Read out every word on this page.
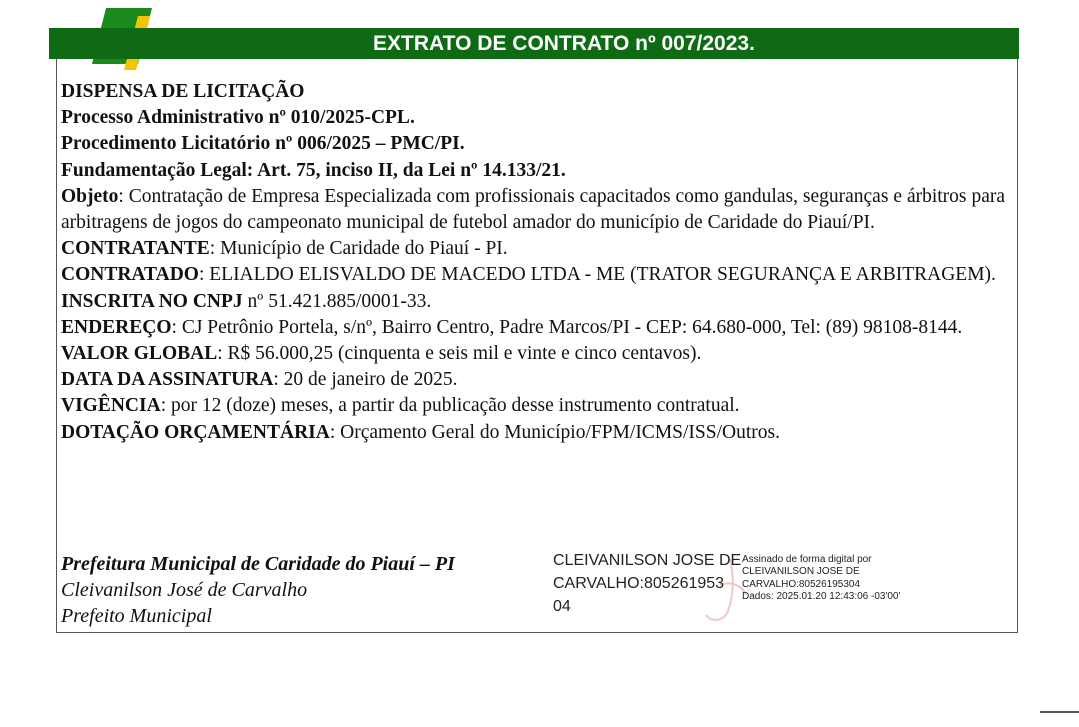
EXTRATO DE CONTRATO nº 007/2023.

DISPENSA DE LICITAÇÃO

Processo Administrativo nº 010/2025-CPL.

Procedimento Licitatório nº 006/2025 – PMC/PI.

Fundamentação Legal: Art. 75, inciso II, da Lei nº 14.133/21.

Objeto: Contratação de Empresa Especializada com profissionais capacitados como gandulas, seguranças e árbitros para arbitragens de jogos do campeonato municipal de futebol amador do município de Caridade do Piauí/PI.

CONTRATANTE: Município de Caridade do Piauí - PI.

CONTRATADO: ELIALDO ELISVALDO DE MACEDO LTDA - ME (TRATOR SEGURANÇA E ARBITRAGEM).

INSCRITA NO CNPJ nº 51.421.885/0001-33.

ENDEREÇO: CJ Petrônio Portela, s/nº, Bairro Centro, Padre Marcos/PI - CEP: 64.680-000, Tel: (89) 98108-8144.

VALOR GLOBAL: R$ 56.000,25 (cinquenta e seis mil e vinte e cinco centavos).

DATA DA ASSINATURA: 20 de janeiro de 2025.

VIGÊNCIA: por 12 (doze) meses, a partir da publicação desse instrumento contratual.

DOTAÇÃO ORÇAMENTÁRIA: Orçamento Geral do Município/FPM/ICMS/ISS/Outros.

Prefeitura Municipal de Caridade do Piauí – PI

Cleivanilson José de Carvalho

Prefeito Municipal

CLEIVANILSON JOSE DE
CARVALHO:805261953
04
Assinado de forma digital por
CLEIVANILSON JOSE DE
CARVALHO:80526195304
Dados: 2025.01.20 12:43:06 -03'00'
